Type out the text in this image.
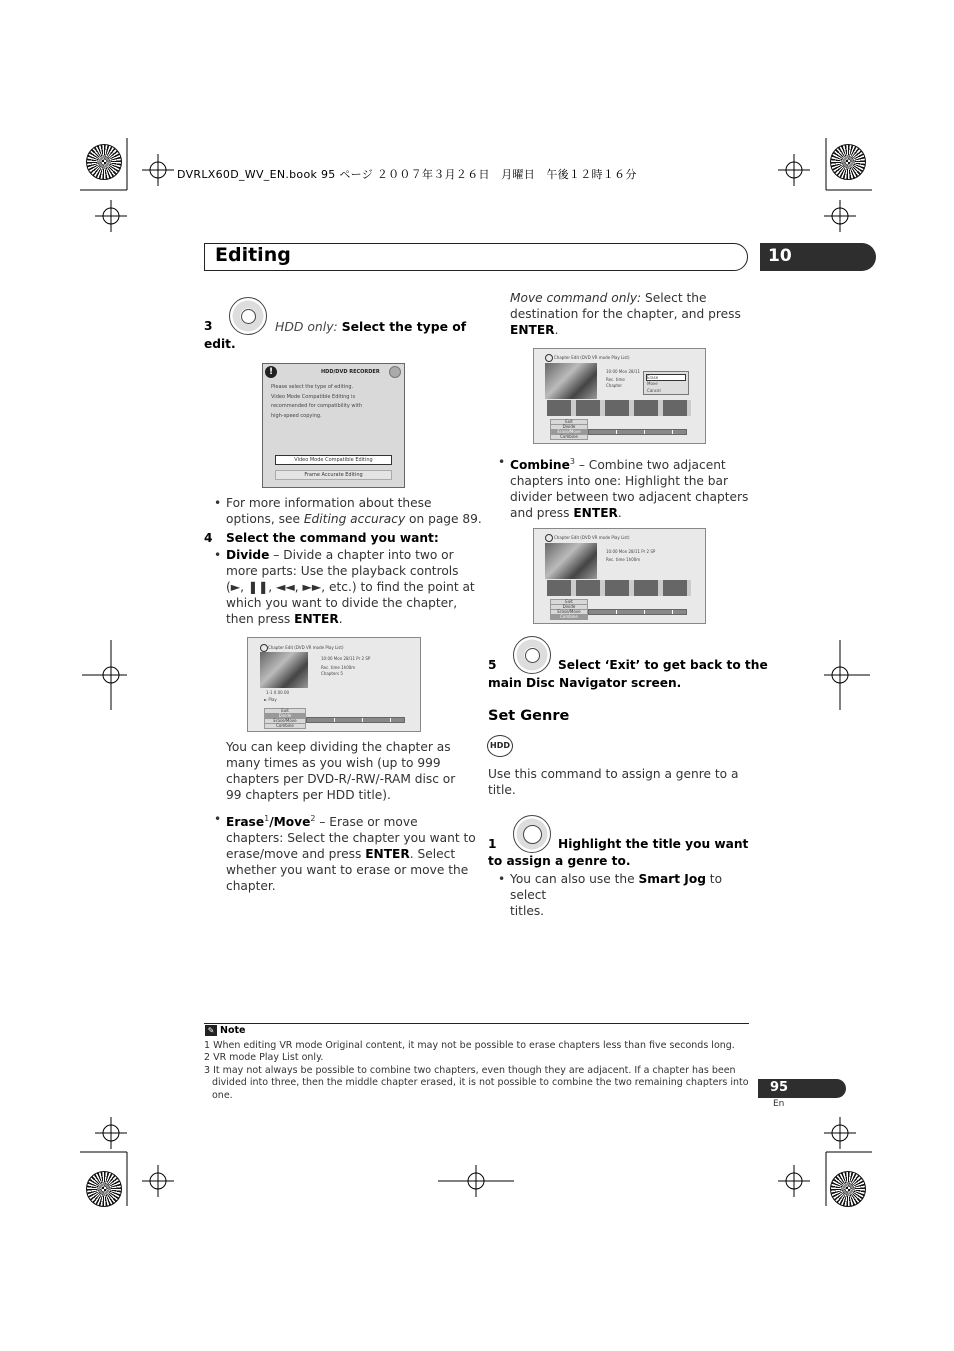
DVRLX60D_WV_EN.book 95 ページ ２００７年３月２６日　月曜日　午後１２時１６分
Editing	10
3	HDD only: Select the type of
edit.
!	HDD/DVD RECORDER
Please select the type of editing.
Video Mode Compatible Editing is
recommended for compatibility with
high-speed copying.
Video Mode Compatible Editing
Frame Accurate Editing
• For more information about these
options, see Editing accuracy on page 89.
4 Select the command you want:
• Divide – Divide a chapter into two or
more parts: Use the playback controls
(►, ❚❚, ◄◄, ►►, etc.) to find the point at
which you want to divide the chapter,
then press ENTER.
Chapter Edit (DVD VR mode Play List)
10:00 Mon 28/11 Pr 2 SP
Rec. time 1h00m
Chapters 5
1-1 0.00.00
► Play
Exit
Divide
Erase/Move
Combine
You can keep dividing the chapter as
many times as you wish (up to 999
chapters per DVD-R/-RW/-RAM disc or
99 chapters per HDD title).
• Erase$^1$/Move$^2$ – Erase or move
chapters: Select the chapter you want to
erase/move and press ENTER. Select
whether you want to erase or move the
chapter.
Move command only: Select the
destination for the chapter, and press
ENTER.
Chapter Edit (DVD VR mode Play List)
10:00 Mon 28/11
Rec. time
Chapter
Erase
Move
Cancel
Exit
Divide
Erase/Move
Combine
• Combine$^3$ – Combine two adjacent
chapters into one: Highlight the bar
divider between two adjacent chapters
and press ENTER.
Chapter Edit (DVD VR mode Play List)
10:00 Mon 28/11 Pr 2 SP
Rec. time 1h00m
Exit
Divide
Erase/Move
Combine
5	Select ‘Exit’ to get back to the
main Disc Navigator screen.
Set Genre
HDD
Use this command to assign a genre to a
title.
1	Highlight the title you want
to assign a genre to.
• You can also use the Smart Jog to select
titles.
✎ Note
1 When editing VR mode Original content, it may not be possible to erase chapters less than five seconds long.
2 VR mode Play List only.
3 It may not always be possible to combine two chapters, even though they are adjacent. If a chapter has been
divided into three, then the middle chapter erased, it is not possible to combine the two remaining chapters into
one.
95
En
